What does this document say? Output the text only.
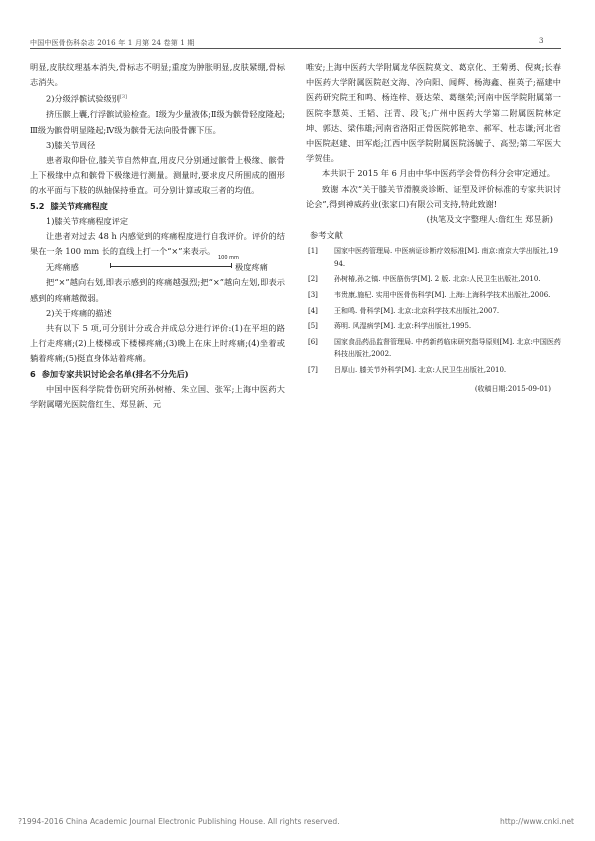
中国中医骨伤科杂志 2016 年 1 月第 24 卷第 1 期	3

明显,皮肤纹理基本消失,骨标志不明显;重度为肿胀明显,皮肤紧绷,骨标志消失。

2)分级浮髌试验级别[3]

挤压髌上囊,行浮髌试验检查。Ⅰ级为少量液体;Ⅱ级为髌骨轻度隆起;Ⅲ级为髌骨明显隆起;Ⅳ级为髌骨无法向股骨髁下压。

3)膝关节周径

患者取仰卧位,膝关节自然伸直,用皮尺分别通过髌骨上极缘、髌骨上下极缘中点和髌骨下极缘进行测量。测量时,要求皮尺所围成的圈形的水平面与下肢的纵轴保持垂直。可分别计算或取三者的均值。

5.2 膝关节疼痛程度

1)膝关节疼痛程度评定

让患者对过去 48 h 内感觉到的疼痛程度进行自我评价。评价的结果在一条 100 mm 长的直线上打一个“×”来表示。

无疼痛感
100 mm
极度疼痛

把“×”越向右划,即表示感到的疼痛越强烈;把“×”越向左划,即表示感到的疼痛越微弱。

2)关于疼痛的描述

共有以下 5 项,可分别计分或合并成总分进行评价:(1)在平坦的路上行走疼痛;(2)上楼梯或下楼梯疼痛;(3)晚上在床上时疼痛;(4)坐着或躺着疼痛;(5)挺直身体站着疼痛。

6 参加专家共识讨论会名单(排名不分先后)

中国中医科学院骨伤研究所孙树椿、朱立国、张军;上海中医药大学附属曙光医院詹红生、郑昱新、元

唯安;上海中医药大学附属龙华医院莫文、葛京化、王菊勇、倪爽;长春中医药大学附属医院赵文海、冷向阳、闻辉、杨海鑫、崔英子;福建中医药研究院王和鸣、杨连梓、聂达荣、葛继荣;河南中医学院附属第一医院李慧英、王韬、汪青、段飞;广州中医药大学第二附属医院林定坤、郭达、梁伟雄;河南省洛阳正骨医院郭艳幸、郝军、杜志谦;河北省中医院赵建、田军彪;江西中医学院附属医院汤毓子、高翌;第二军医大学贺佳。

本共识于 2015 年 6 月由中华中医药学会骨伤科分会审定通过。

致谢 本次“关于膝关节滑膜炎诊断、证型及评价标准的专家共识讨论会”,得到神威药业(张家口)有限公司支持,特此致谢!

(执笔及文字整理人:詹红生 郑昱新)
参考文献
[1] 国家中医药管理局. 中医病证诊断疗效标准[M]. 南京:南京大学出版社,1994.
[2] 孙树椿,孙之镐. 中医筋伤学[M]. 2 版. 北京:人民卫生出版社,2010.
[3] 韦贵康,施杞. 实用中医骨伤科学[M]. 上海:上海科学技术出版社,2006.
[4] 王和鸣. 骨科学[M]. 北京:北京科学技术出版社,2007.
[5] 蒋明. 风湿病学[M]. 北京:科学出版社,1995.
[6] 国家食品药品监督管理局. 中药新药临床研究指导原则[M]. 北京:中国医药科技出版社,2002.
[7] 吕厚山. 膝关节外科学[M]. 北京:人民卫生出版社,2010.
(收稿日期:2015-09-01)
?1994-2016 China Academic Journal Electronic Publishing House. All rights reserved.	http://www.cnki.net
